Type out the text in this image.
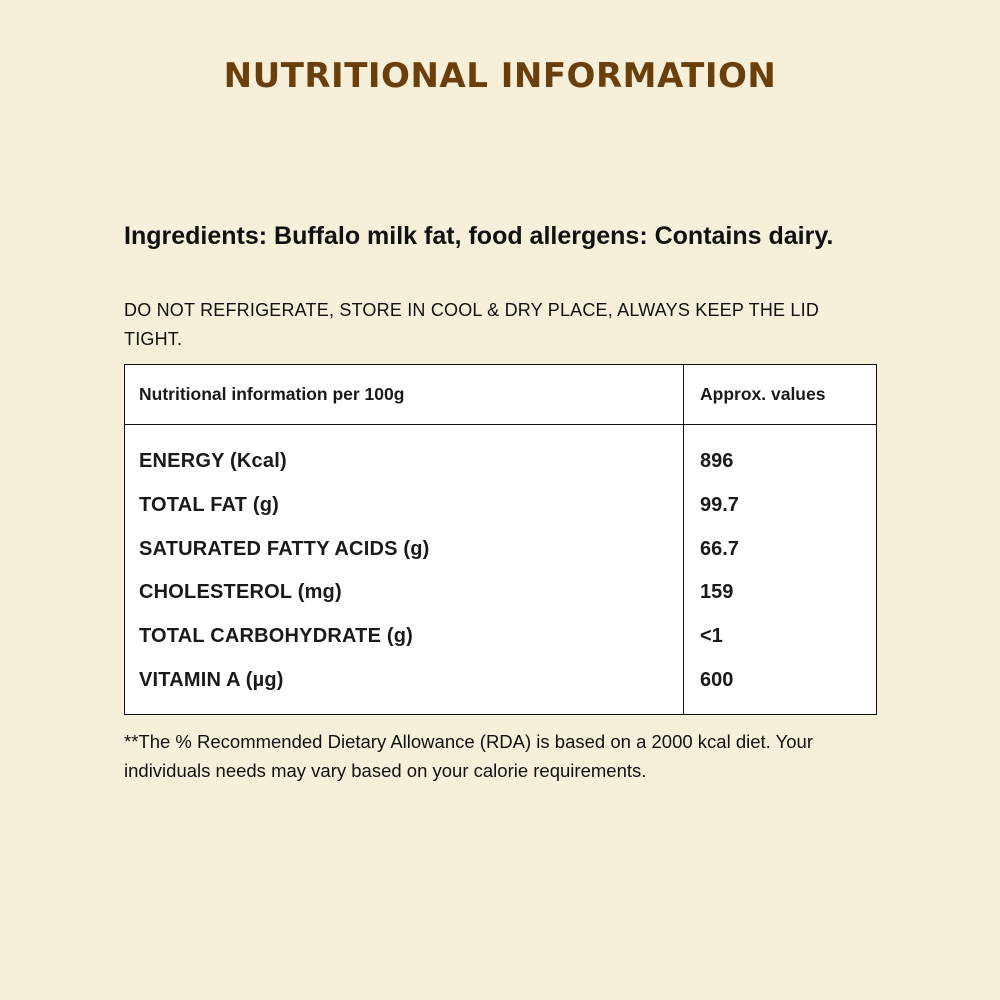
NUTRITIONAL INFORMATION

Ingredients: Buffalo milk fat, food allergens: Contains dairy.

DO NOT REFRIGERATE, STORE IN COOL & DRY PLACE, ALWAYS KEEP THE LID TIGHT.

Nutritional information per 100g	Approx. values
ENERGY (Kcal)	896
TOTAL FAT (g)	99.7
SATURATED FATTY ACIDS (g)	66.7
CHOLESTEROL (mg)	159
TOTAL CARBOHYDRATE (g)	<1
VITAMIN A (µg)	600

**The % Recommended Dietary Allowance (RDA) is based on a 2000 kcal diet. Your individuals needs may vary based on your calorie requirements.
